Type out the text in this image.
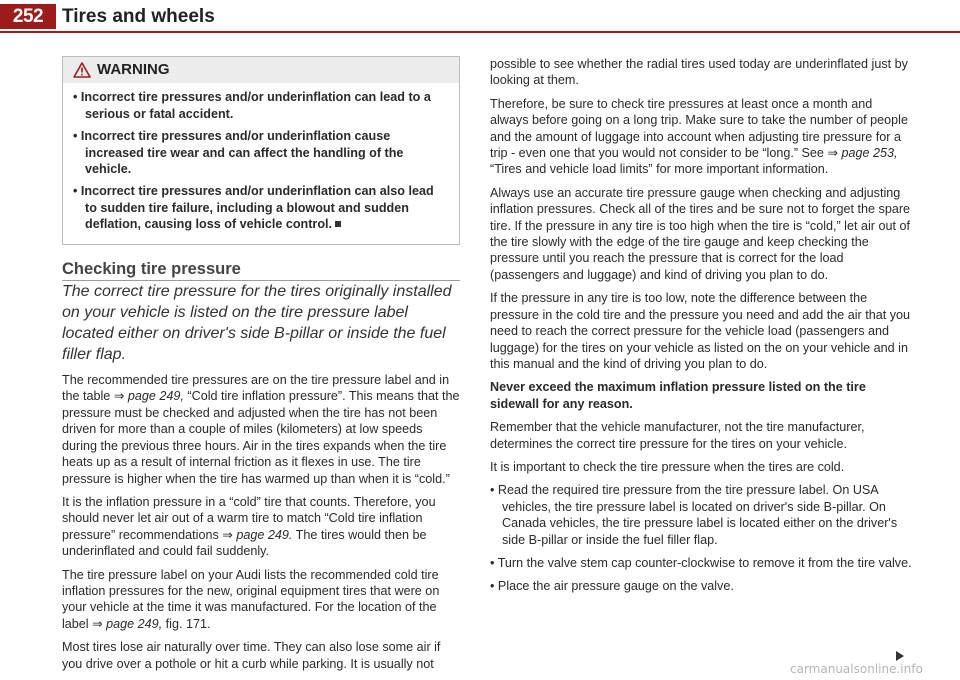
252 Tires and wheels
WARNING

• Incorrect tire pressures and/or underinflation can lead to a serious or fatal accident.

• Incorrect tire pressures and/or underinflation cause increased tire wear and can affect the handling of the vehicle.

• Incorrect tire pressures and/or underinflation can also lead to sudden tire failure, including a blowout and sudden deflation, causing loss of vehicle control.

Checking tire pressure

The correct tire pressure for the tires originally installed on your vehicle is listed on the tire pressure label located either on driver's side B-pillar or inside the fuel filler flap.

The recommended tire pressures are on the tire pressure label and in the table ⇒ page 249, “Cold tire inflation pressure”. This means that the pressure must be checked and adjusted when the tire has not been driven for more than a couple of miles (kilometers) at low speeds during the previous three hours. Air in the tires expands when the tire heats up as a result of internal friction as it flexes in use. The tire pressure is higher when the tire has warmed up than when it is “cold.”

It is the inflation pressure in a “cold” tire that counts. Therefore, you should never let air out of a warm tire to match “Cold tire inflation pressure” recommendations ⇒ page 249. The tires would then be underinflated and could fail suddenly.

The tire pressure label on your Audi lists the recommended cold tire inflation pressures for the new, original equipment tires that were on your vehicle at the time it was manufactured. For the location of the label ⇒ page 249, fig. 171.

Most tires lose air naturally over time. They can also lose some air if you drive over a pothole or hit a curb while parking. It is usually not

possible to see whether the radial tires used today are underinflated just by looking at them.

Therefore, be sure to check tire pressures at least once a month and always before going on a long trip. Make sure to take the number of people and the amount of luggage into account when adjusting tire pressure for a trip - even one that you would not consider to be “long.” See ⇒ page 253, “Tires and vehicle load limits” for more important information.

Always use an accurate tire pressure gauge when checking and adjusting inflation pressures. Check all of the tires and be sure not to forget the spare tire. If the pressure in any tire is too high when the tire is “cold,” let air out of the tire slowly with the edge of the tire gauge and keep checking the pressure until you reach the pressure that is correct for the load (passengers and luggage) and kind of driving you plan to do.

If the pressure in any tire is too low, note the difference between the pressure in the cold tire and the pressure you need and add the air that you need to reach the correct pressure for the vehicle load (passengers and luggage) for the tires on your vehicle as listed on the on your vehicle and in this manual and the kind of driving you plan to do.

Never exceed the maximum inflation pressure listed on the tire sidewall for any reason.

Remember that the vehicle manufacturer, not the tire manufacturer, determines the correct tire pressure for the tires on your vehicle.

It is important to check the tire pressure when the tires are cold.

• Read the required tire pressure from the tire pressure label. On USA vehicles, the tire pressure label is located on driver's side B-pillar. On Canada vehicles, the tire pressure label is located either on the driver's side B-pillar or inside the fuel filler flap.

• Turn the valve stem cap counter-clockwise to remove it from the tire valve.

• Place the air pressure gauge on the valve.

carmanualsonline.info
